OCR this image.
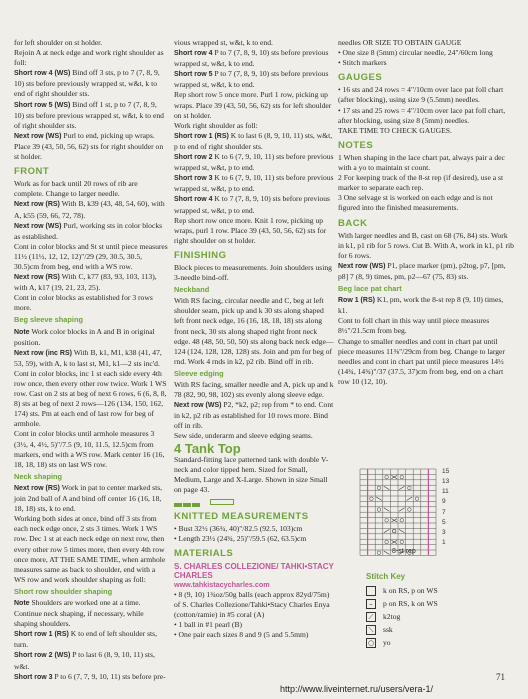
for left shoulder on st holder.

Rejoin A at neck edge and work right shoulder as foll:

Short row 4 (WS) Bind off 3 sts, p to 7 (7, 8, 9, 10) sts before previously wrapped st, w&t, k to end of right shoulder sts.

Short row 5 (WS) Bind off 1 st, p to 7 (7, 8, 9, 10) sts before previous wrapped st, w&t, k to end of right shoulder sts.

Next row (WS) Purl to end, picking up wraps. Place 39 (43, 50, 56, 62) sts for right shoulder on st holder.

FRONT

Work as for back until 20 rows of rib are complete. Change to larger needle.

Next row (RS) With B, k39 (43, 48, 54, 60), with A, k55 (59, 66, 72, 78).

Next row (WS) Purl, working sts in color blocks as established.

Cont in color blocks and St st until piece measures 11½ (11½, 12, 12, 12)"/29 (29, 30.5, 30.5, 30.5)cm from beg, end with a WS row.

Next row (RS) With C, k77 (83, 93, 103, 113), with A, k17 (19, 21, 23, 25).

Cont in color blocks as established for 3 rows more.

Beg sleeve shaping

Note Work color blocks in A and B in original position.

Next row (inc RS) With B, k1, M1, k38 (41, 47, 53, 59), with A, k to last st, M1, k1—2 sts inc'd.

Cont in color blocks, inc 1 st each side every 4th row once, then every other row twice. Work 1 WS row. Cast on 2 sts at beg of next 6 rows, 6 (6, 8, 8, 8) sts at beg of next 2 rows—126 (134, 150, 162, 174) sts. Pm at each end of last row for beg of armhole.

Cont in color blocks until armhole measures 3 (3½, 4, 4½, 5)"/7.5 (9, 10, 11.5, 12.5)cm from markers, end with a WS row. Mark center 16 (16, 18, 18, 18) sts on last WS row.

Neck shaping

Next row (RS) Work in pat to center marked sts, join 2nd ball of A and bind off center 16 (16, 18, 18, 18) sts, k to end.

Working both sides at once, bind off 3 sts from each neck edge once, 2 sts 3 times. Work 1 WS row. Dec 1 st at each neck edge on next row, then every other row 5 times more, then every 4th row once more, AT THE SAME TIME, when armhole measures same as back to shoulder, end with a WS row and work shoulder shaping as foll:

Short row shoulder shaping

Note Shoulders are worked one at a time. Continue neck shaping, if necessary, while shaping shoulders.

Short row 1 (RS) K to end of left shoulder sts, turn.

Short row 2 (WS) P to last 6 (8, 9, 10, 11) sts, w&t.

Short row 3 P to 6 (7, 7, 9, 10, 11) sts before pre-

vious wrapped st, w&t, k to end.

Short row 4 P to 7 (7, 8, 9, 10) sts before previous wrapped st, w&t, k to end.

Short row 5 P to 7 (7, 8, 9, 10) sts before previous wrapped st, w&t, k to end.

Rep short row 5 once more. Purl 1 row, picking up wraps. Place 39 (43, 50, 56, 62) sts for left shoulder on st holder.

Work right shoulder as foll:

Short row 1 (RS) K to last 6 (8, 9, 10, 11) sts, w&t, p to end of right shoulder sts.

Short row 2 K to 6 (7, 9, 10, 11) sts before previous wrapped st, w&t, p to end.

Short row 3 K to 6 (7, 9, 10, 11) sts before previous wrapped st, w&t, p to end.

Short row 4 K to 7 (7, 8, 9, 10) sts before previous wrapped st, w&t, p to end.

Rep short row once more. Knit 1 row, picking up wraps, purl 1 row. Place 39 (43, 50, 56, 62) sts for right shoulder on st holder.

FINISHING

Block pieces to measurements. Join shoulders using 3-needle bind-off.

Neckband

With RS facing, circular needle and C, beg at left shoulder seam, pick up and k 30 sts along shaped left front neck edge, 16 (16, 18, 18, 18) sts along front neck, 30 sts along shaped right front neck edge. 48 (48, 50, 50, 50) sts along back neck edge—124 (124, 128, 128, 128) sts. Join and pm for beg of rnd. Work 4 rnds in k2, p2 rib. Bind off in rib.

Sleeve edging

With RS facing, smaller needle and A, pick up and k 78 (82, 90, 98, 102) sts evenly along sleeve edge.

Next row (WS) P2, *k2, p2; rep from * to end. Cont in k2, p2 rib as established for 10 rows more. Bind off in rib.

Sew side, underarm and sleeve edging seams.

4 Tank Top

Standard-fitting lace patterned tank with double V-neck and color tipped hem. Sized for Small, Medium, Large and X-Large. Shown in size Small on page 43.

KNITTED MEASUREMENTS

• Bust 32½ (36¾, 40)"/82.5 (92.5, 103)cm

• Length 23½ (24¾, 25)"/59.5 (62, 63.5)cm

MATERIALS
S. CHARLES COLLEZIONE/ TAHKI•STACY CHARLES
www.tahkistacycharles.com

• 8 (9, 10) 1¾oz/50g balls (each approx 82yd/75m) of S. Charles Collezione/Tahki•Stacy Charles Enya (cotton/ramie) in #5 coral (A)

• 1 ball in #1 pearl (B)

• One pair each sizes 8 and 9 (5 and 5.5mm)

needles OR SIZE TO OBTAIN GAUGE

• One size 8 (5mm) circular needle, 24"/60cm long

• Stitch markers

GAUGES

• 16 sts and 24 rows = 4"/10cm over lace pat foll chart (after blocking), using size 9 (5.5mm) needles.

• 17 sts and 25 rows = 4"/10cm over lace pat foll chart, after blocking, using size 8 (5mm) needles.

TAKE TIME TO CHECK GAUGES.

NOTES

1 When shaping in the lace chart pat, always pair a dec with a yo to maintain st count.

2 For keeping track of the 8-st rep (if desired), use a st marker to separate each rep.

3 One selvage st is worked on each edge and is not figured into the finished measurements.

BACK

With larger needles and B, cast on 68 (76, 84) sts. Work in k1, p1 rib for 5 rows. Cut B. With A, work in k1, p1 rib for 6 rows.

Next row (WS) P1, place marker (pm), p2tog, p7, [pm, p8] 7 (8, 9) times, pm, p2—67 (75, 83) sts.

Beg lace pat chart

Row 1 (RS) K1, pm, work the 8-st rep 8 (9, 10) times, k1.

Cont to foll chart in this way until piece measures 8½"/21.5cm from beg.

Change to smaller needles and cont in chart pat until piece measures 11⅜"/29cm from beg. Change to larger needles and cont in chart pat until piece measures 14½ (14¾, 14¾)"/37 (37.5, 37)cm from beg, end on a chart row 10 (12, 10).

15
13
11
9
7
5
3
1
8-st rep
Stitch Key
k on RS, p on WS
–	p on RS, k on WS
⟋	k2tog
⟍	ssk
○ yo
71
http://www.liveinternet.ru/users/vera-1/
